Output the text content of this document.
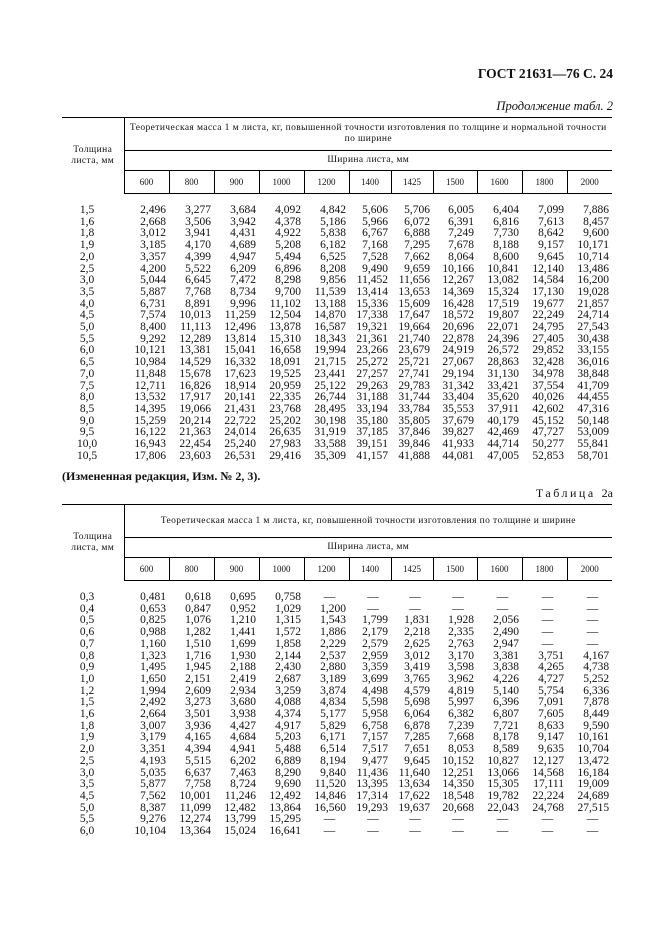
ГОСТ 21631—76 С. 24
Продолжение табл. 2
Толщина листа, мм	Теоретическая масса 1 м листа, кг, повышенной точности изготовления по толщине и нормальной точности по ширине										
	Ширина листа, мм										
	600	800	900	1000	1200	1400	1425	1500	1600	1800	2000
1,5	2,496	3,277	3,684	4,092	4,842	5,606	5,706	6,005	6,404	7,099	7,886
1,6	2,668	3,506	3,942	4,378	5,186	5,966	6,072	6,391	6,816	7,613	8,457
1,8	3,012	3,941	4,431	4,922	5,838	6,767	6,888	7,249	7,730	8,642	9,600
1,9	3,185	4,170	4,689	5,208	6,182	7,168	7,295	7,678	8,188	9,157	10,171
2,0	3,357	4,399	4,947	5,494	6,525	7,528	7,662	8,064	8,600	9,645	10,714
2,5	4,200	5,522	6,209	6,896	8,208	9,490	9,659	10,166	10,841	12,140	13,486
3,0	5,044	6,645	7,472	8,298	9,856	11,452	11,656	12,267	13,082	14,584	16,200
3,5	5,887	7,768	8,734	9,700	11,539	13,414	13,653	14,369	15,324	17,130	19,028
4,0	6,731	8,891	9,996	11,102	13,188	15,336	15,609	16,428	17,519	19,677	21,857
4,5	7,574	10,013	11,259	12,504	14,870	17,338	17,647	18,572	19,807	22,249	24,714
5,0	8,400	11,113	12,496	13,878	16,587	19,321	19,664	20,696	22,071	24,795	27,543
5,5	9,292	12,289	13,814	15,310	18,343	21,361	21,740	22,878	24,396	27,405	30,438
6,0	10,121	13,381	15,041	16,658	19,994	23,266	23,679	24,919	26,572	29,852	33,155
6,5	10,984	14,529	16,332	18,091	21,715	25,272	25,721	27,067	28,863	32,428	36,016
7,0	11,848	15,678	17,623	19,525	23,441	27,257	27,741	29,194	31,130	34,978	38,848
7,5	12,711	16,826	18,914	20,959	25,122	29,263	29,783	31,342	33,421	37,554	41,709
8,0	13,532	17,917	20,141	22,335	26,744	31,188	31,744	33,404	35,620	40,026	44,455
8,5	14,395	19,066	21,431	23,768	28,495	33,194	33,784	35,553	37,911	42,602	47,316
9,0	15,259	20,214	22,722	25,202	30,198	35,180	35,805	37,679	40,179	45,152	50,148
9,5	16,122	21,363	24,014	26,635	31,919	37,185	37,846	39,827	42,469	47,727	53,009
10,0	16,943	22,454	25,240	27,983	33,588	39,151	39,846	41,933	44,714	50,277	55,841
10,5	17,806	23,603	26,531	29,416	35,309	41,157	41,888	44,081	47,005	52,853	58,701
(Измененная редакция, Изм. № 2, 3).
Таблица 2а
Толщина листа, мм	Теоретическая масса 1 м листа, кг, повышенной точности изготовления по толщине и ширине										
	Ширина листа, мм										
	600	800	900	1000	1200	1400	1425	1500	1600	1800	2000
0,3	0,481	0,618	0,695	0,758	—	—	—	—	—	—	—
0,4	0,653	0,847	0,952	1,029	1,200	—	—	—	—	—	—
0,5	0,825	1,076	1,210	1,315	1,543	1,799	1,831	1,928	2,056	—	—
0,6	0,988	1,282	1,441	1,572	1,886	2,179	2,218	2,335	2,490	—	—
0,7	1,160	1,510	1,699	1,858	2,229	2,579	2,625	2,763	2,947	—	—
0,8	1,323	1,716	1,930	2,144	2,537	2,959	3,012	3,170	3,381	3,751	4,167
0,9	1,495	1,945	2,188	2,430	2,880	3,359	3,419	3,598	3,838	4,265	4,738
1,0	1,650	2,151	2,419	2,687	3,189	3,699	3,765	3,962	4,226	4,727	5,252
1,2	1,994	2,609	2,934	3,259	3,874	4,498	4,579	4,819	5,140	5,754	6,336
1,5	2,492	3,273	3,680	4,088	4,834	5,598	5,698	5,997	6,396	7,091	7,878
1,6	2,664	3,501	3,938	4,374	5,177	5,958	6,064	6,382	6,807	7,605	8,449
1,8	3,007	3,936	4,427	4,917	5,829	6,758	6,878	7,239	7,721	8,633	9,590
1,9	3,179	4,165	4,684	5,203	6,171	7,157	7,285	7,668	8,178	9,147	10,161
2,0	3,351	4,394	4,941	5,488	6,514	7,517	7,651	8,053	8,589	9,635	10,704
2,5	4,193	5,515	6,202	6,889	8,194	9,477	9,645	10,152	10,827	12,127	13,472
3,0	5,035	6,637	7,463	8,290	9,840	11,436	11,640	12,251	13,066	14,568	16,184
3,5	5,877	7,758	8,724	9,690	11,520	13,395	13,634	14,350	15,305	17,111	19,009
4,5	7,562	10,001	11,246	12,492	14,846	17,314	17,622	18,548	19,782	22,224	24,689
5,0	8,387	11,099	12,482	13,864	16,560	19,293	19,637	20,668	22,043	24,768	27,515
5,5	9,276	12,274	13,799	15,295	—	—	—	—	—	—	—
6,0	10,104	13,364	15,024	16,641	—	—	—	—	—	—	—
